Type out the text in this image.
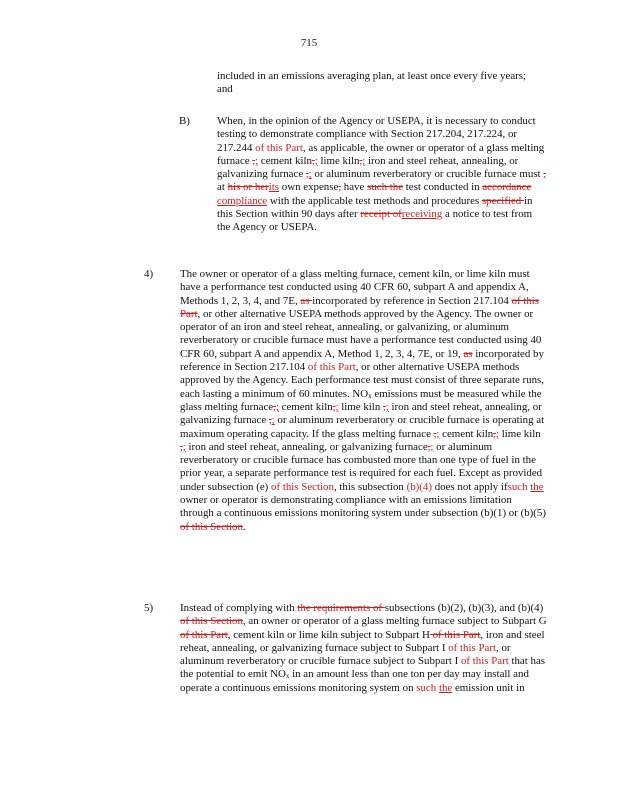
715

included in an emissions averaging plan, at least once every five years; and

B) When, in the opinion of the Agency or USEPA, it is necessary to conduct testing to demonstrate compliance with Section 217.204, 217.224, or 217.244 of this Part, as applicable, the owner or operator of a glass melting furnace ,; cement kiln,; lime kiln,; iron and steel reheat, annealing, or galvanizing furnace ,; or aluminum reverberatory or crucible furnace must , at his or herits own expense, have such the test conducted in accordance compliance with the applicable test methods and procedures specified in this Section within 90 days after receipt ofreceiving a notice to test from the Agency or USEPA.

4) The owner or operator of a glass melting furnace, cement kiln, or lime kiln must have a performance test conducted using 40 CFR 60, subpart A and appendix A, Methods 1, 2, 3, 4, and 7E, as incorporated by reference in Section 217.104 of this Part, or other alternative USEPA methods approved by the Agency. The owner or operator of an iron and steel reheat, annealing, or galvanizing, or aluminum reverberatory or crucible furnace must have a performance test conducted using 40 CFR 60, subpart A and appendix A, Method 1, 2, 3, 4, 7E, or 19, as incorporated by reference in Section 217.104 of this Part, or other alternative USEPA methods approved by the Agency. Each performance test must consist of three separate runs, each lasting a minimum of 60 minutes. $NO_x$ emissions must be measured while the glass melting furnace,; cement kiln,; lime kiln ,; iron and steel reheat, annealing, or galvanizing furnace ,; or aluminum reverberatory or crucible furnace is operating at maximum operating capacity. If the glass melting furnace ,; cement kiln,; lime kiln ,; iron and steel reheat, annealing, or galvanizing furnace,; or aluminum reverberatory or crucible furnace has combusted more than one type of fuel in the prior year, a separate performance test is required for each fuel. Except as provided under subsection (e) of this Section, this subsection (b)(4) does not apply ifsuch the owner or operator is demonstrating compliance with an emissions limitation through a continuous emissions monitoring system under subsection (b)(1) or (b)(5) of this Section.

5) Instead of complying with the requirements of subsections (b)(2), (b)(3), and (b)(4) of this Section, an owner or operator of a glass melting furnace subject to Subpart G of this Part, cement kiln or lime kiln subject to Subpart H of this Part, iron and steel reheat, annealing, or galvanizing furnace subject to Subpart I of this Part, or aluminum reverberatory or crucible furnace subject to Subpart I of this Part that has the potential to emit $NO_x$ in an amount less than one ton per day may install and operate a continuous emissions monitoring system on such the emission unit in
